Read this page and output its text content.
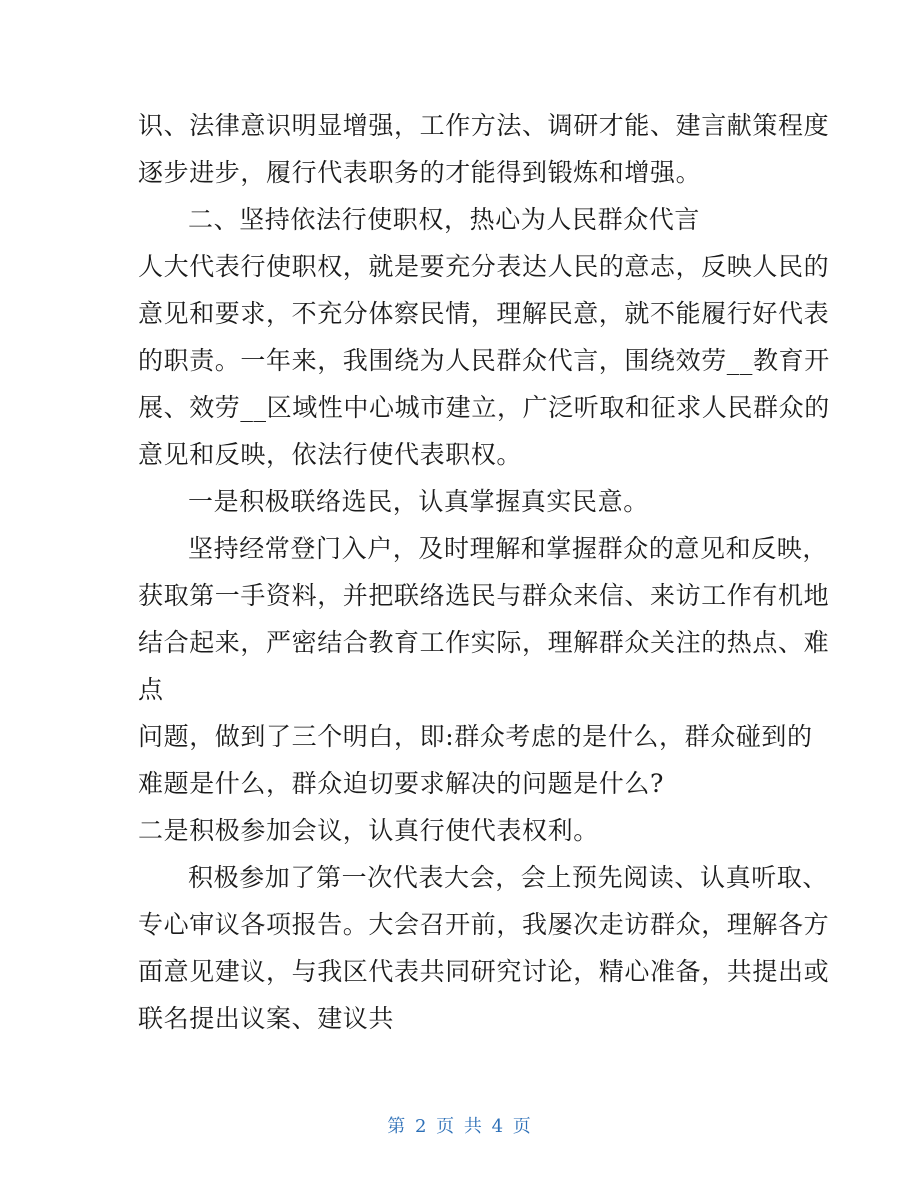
识、法律意识明显增强，工作方法、调研才能、建言献策程度
逐步进步，履行代表职务的才能得到锻炼和增强。
二、坚持依法行使职权，热心为人民群众代言
人大代表行使职权，就是要充分表达人民的意志，反映人民的
意见和要求，不充分体察民情，理解民意，就不能履行好代表
的职责。一年来，我围绕为人民群众代言，围绕效劳__教育开
展、效劳__区域性中心城市建立，广泛听取和征求人民群众的
意见和反映，依法行使代表职权。
一是积极联络选民，认真掌握真实民意。
坚持经常登门入户，及时理解和掌握群众的意见和反映，
获取第一手资料，并把联络选民与群众来信、来访工作有机地
结合起来，严密结合教育工作实际，理解群众关注的热点、难
点
问题，做到了三个明白，即:群众考虑的是什么，群众碰到的
难题是什么，群众迫切要求解决的问题是什么?
二是积极参加会议，认真行使代表权利。
积极参加了第一次代表大会，会上预先阅读、认真听取、
专心审议各项报告。大会召开前，我屡次走访群众，理解各方
面意见建议，与我区代表共同研究讨论，精心准备，共提出或
联名提出议案、建议共
第 2 页 共 4 页
